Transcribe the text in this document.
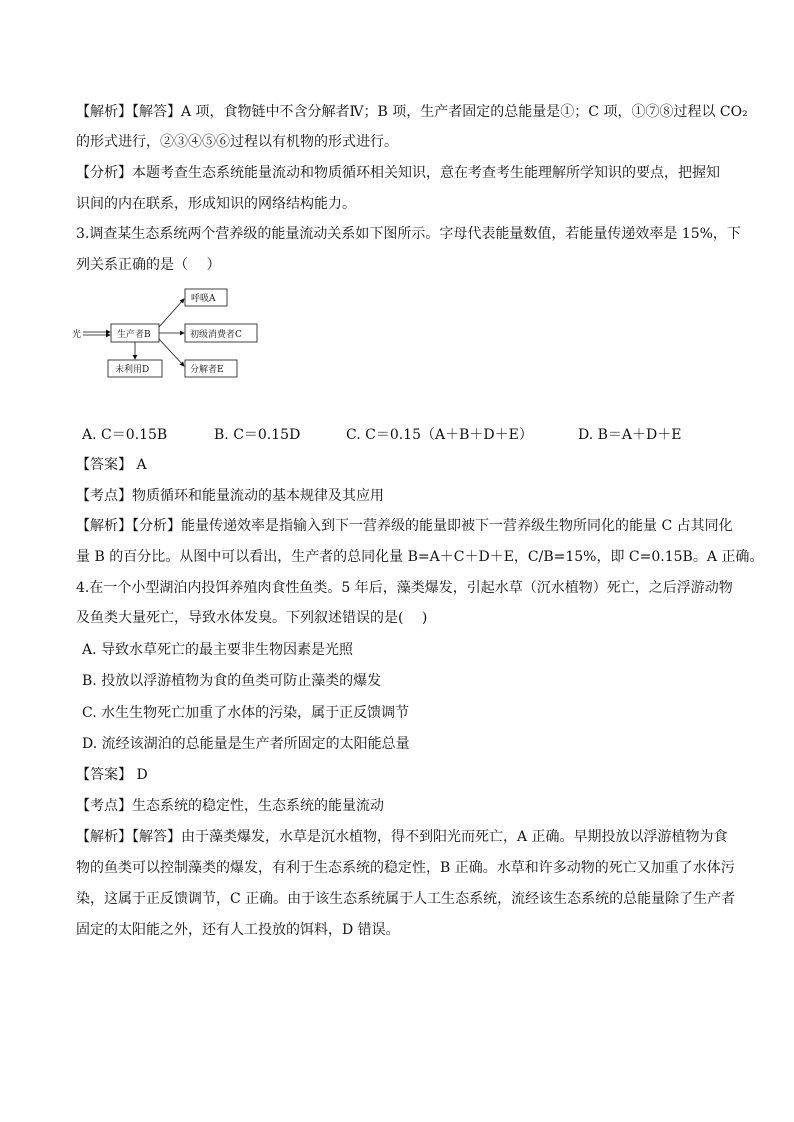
【解析】【解答】A 项，食物链中不含分解者Ⅳ；B 项，生产者固定的总能量是①；C 项，①⑦⑧过程以 CO₂
的形式进行，②③④⑤⑥过程以有机物的形式进行。
【分析】本题考查生态系统能量流动和物质循环相关知识，意在考查考生能理解所学知识的要点，把握知
识间的内在联系，形成知识的网络结构能力。
3.调查某生态系统两个营养级的能量流动关系如下图所示。字母代表能量数值，若能量传递效率是 15%，下
列关系正确的是（　 ）
光	生产者B
呼吸A
初级消费者C
未利用D	分解者E
A. C＝0.15B	B. C＝0.15D	C. C＝0.15（A＋B＋D＋E）	D. B＝A＋D＋E
【答案】 A
【考点】物质循环和能量流动的基本规律及其应用
【解析】【分析】能量传递效率是指输入到下一营养级的能量即被下一营养级生物所同化的能量 C 占其同化
量 B 的百分比。从图中可以看出，生产者的总同化量 B=A＋C＋D＋E，C/B=15%，即 C=0.15B。A 正确。
4.在一个小型湖泊内投饵养殖肉食性鱼类。5 年后，藻类爆发，引起水草（沉水植物）死亡，之后浮游动物
及鱼类大量死亡，导致水体发臭。下列叙述错误的是(　 )
A. 导致水草死亡的最主要非生物因素是光照
B. 投放以浮游植物为食的鱼类可防止藻类的爆发
C. 水生生物死亡加重了水体的污染，属于正反馈调节
D. 流经该湖泊的总能量是生产者所固定的太阳能总量
【答案】 D
【考点】生态系统的稳定性，生态系统的能量流动
【解析】【解答】由于藻类爆发，水草是沉水植物，得不到阳光而死亡，A 正确。早期投放以浮游植物为食
物的鱼类可以控制藻类的爆发，有利于生态系统的稳定性，B 正确。水草和许多动物的死亡又加重了水体污
染，这属于正反馈调节，C 正确。由于该生态系统属于人工生态系统，流经该生态系统的总能量除了生产者
固定的太阳能之外，还有人工投放的饵料，D 错误。
